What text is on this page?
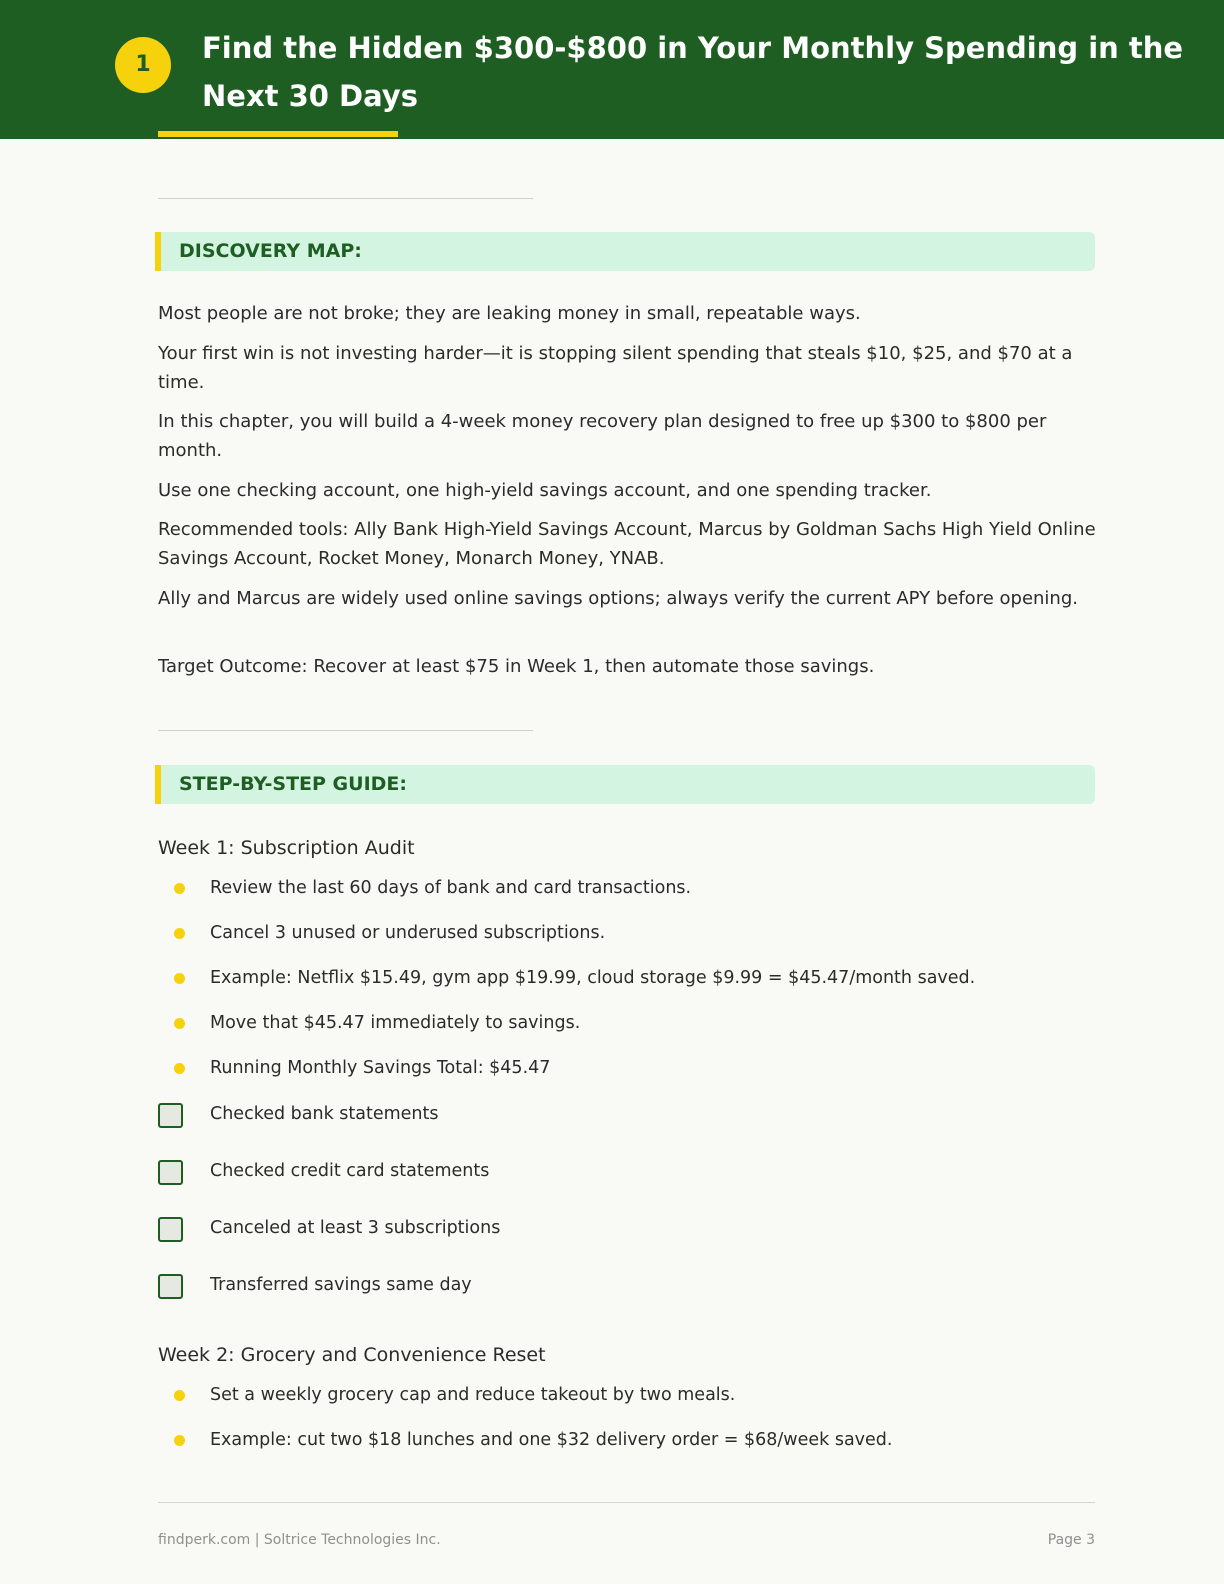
1	Find the Hidden $300-$800 in Your Monthly Spending in the Next 30 Days
DISCOVERY MAP:

Most people are not broke; they are leaking money in small, repeatable ways.

Your first win is not investing harder—it is stopping silent spending that steals $10, $25, and $70 at a time.

In this chapter, you will build a 4-week money recovery plan designed to free up $300 to $800 per month.

Use one checking account, one high-yield savings account, and one spending tracker.

Recommended tools: Ally Bank High-Yield Savings Account, Marcus by Goldman Sachs High Yield Online Savings Account, Rocket Money, Monarch Money, YNAB.

Ally and Marcus are widely used online savings options; always verify the current APY before opening.

Target Outcome: Recover at least $75 in Week 1, then automate those savings.

STEP-BY-STEP GUIDE:
Week 1: Subscription Audit
Review the last 60 days of bank and card transactions.
Cancel 3 unused or underused subscriptions.
Example: Netflix $15.49, gym app $19.99, cloud storage $9.99 = $45.47/month saved.
Move that $45.47 immediately to savings.
Running Monthly Savings Total: $45.47
Checked bank statements
Checked credit card statements
Canceled at least 3 subscriptions
Transferred savings same day
Week 2: Grocery and Convenience Reset
Set a weekly grocery cap and reduce takeout by two meals.
Example: cut two $18 lunches and one $32 delivery order = $68/week saved.
findperk.com | Soltrice Technologies Inc.	Page 3
